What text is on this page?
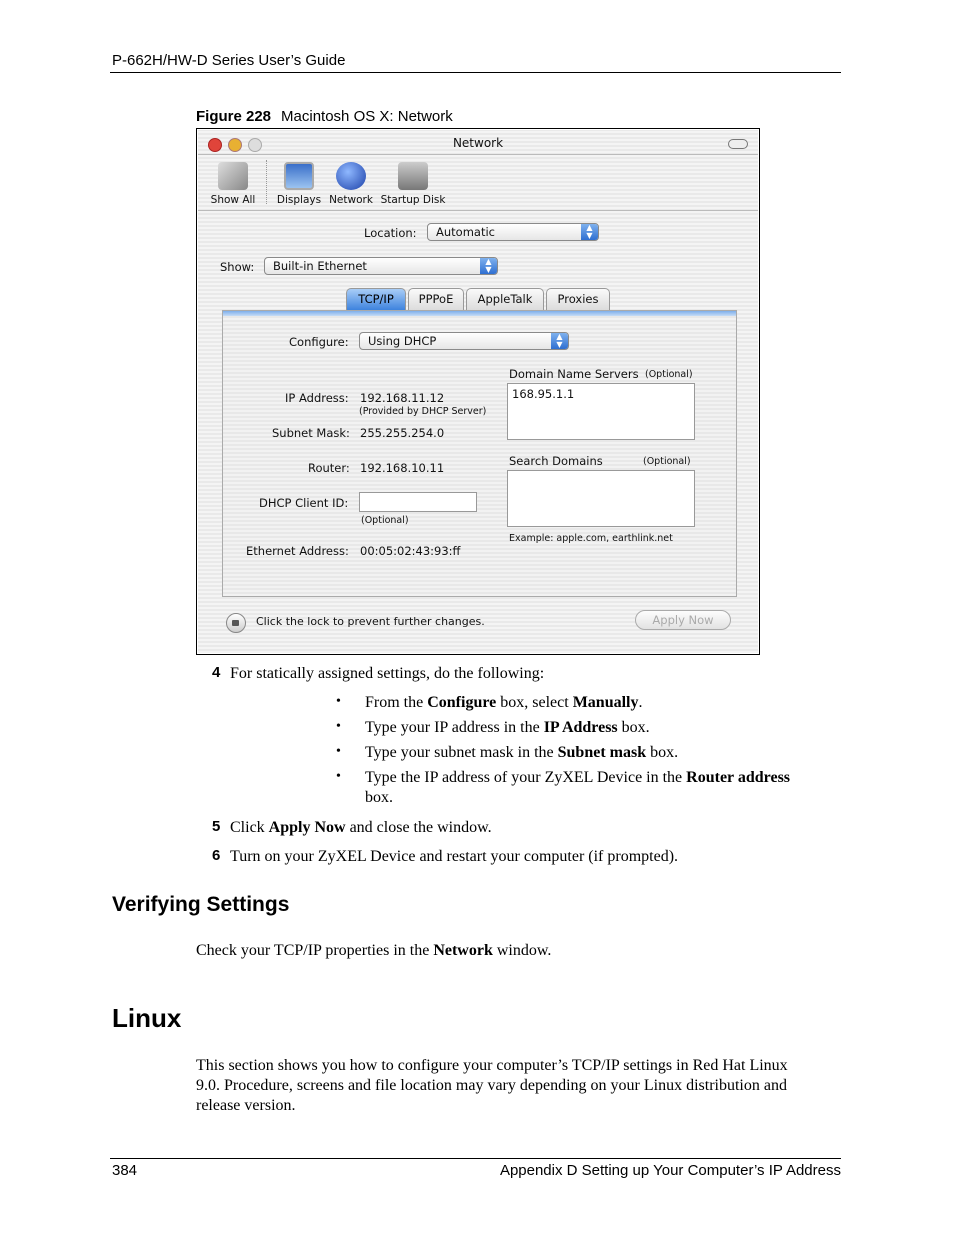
P-662H/HW-D Series User’s Guide
Figure 228 Macintosh OS X: Network
Network
Show All Displays Network Startup Disk
Location: Automatic	▲
▼
Show: Built-in Ethernet	▲
▼
TCP/IP	PPPoE	AppleTalk	Proxies
Configure: Using DHCP	▲
▼
IP Address: 192.168.11.12
(Provided by DHCP Server)
Subnet Mask: 255.255.254.0
Router: 192.168.10.11
DHCP Client ID:
(Optional)
Ethernet Address: 00:05:02:43:93:ff
Domain Name Servers (Optional)
168.95.1.1
Search Domains	(Optional)
Example: apple.com, earthlink.net
Click the lock to prevent further changes.	Apply Now
4 For statically assigned settings, do the following:
• From the Configure box, select Manually.
• Type your IP address in the IP Address box.
• Type your subnet mask in the Subnet mask box.
• Type the IP address of your ZyXEL Device in the Router address
box.
5 Click Apply Now and close the window.
6 Turn on your ZyXEL Device and restart your computer (if prompted).
Verifying Settings
Check your TCP/IP properties in the Network window.
Linux
This section shows you how to configure your computer’s TCP/IP settings in Red Hat Linux
9.0. Procedure, screens and file location may vary depending on your Linux distribution and
release version.
384	Appendix D Setting up Your Computer’s IP Address
